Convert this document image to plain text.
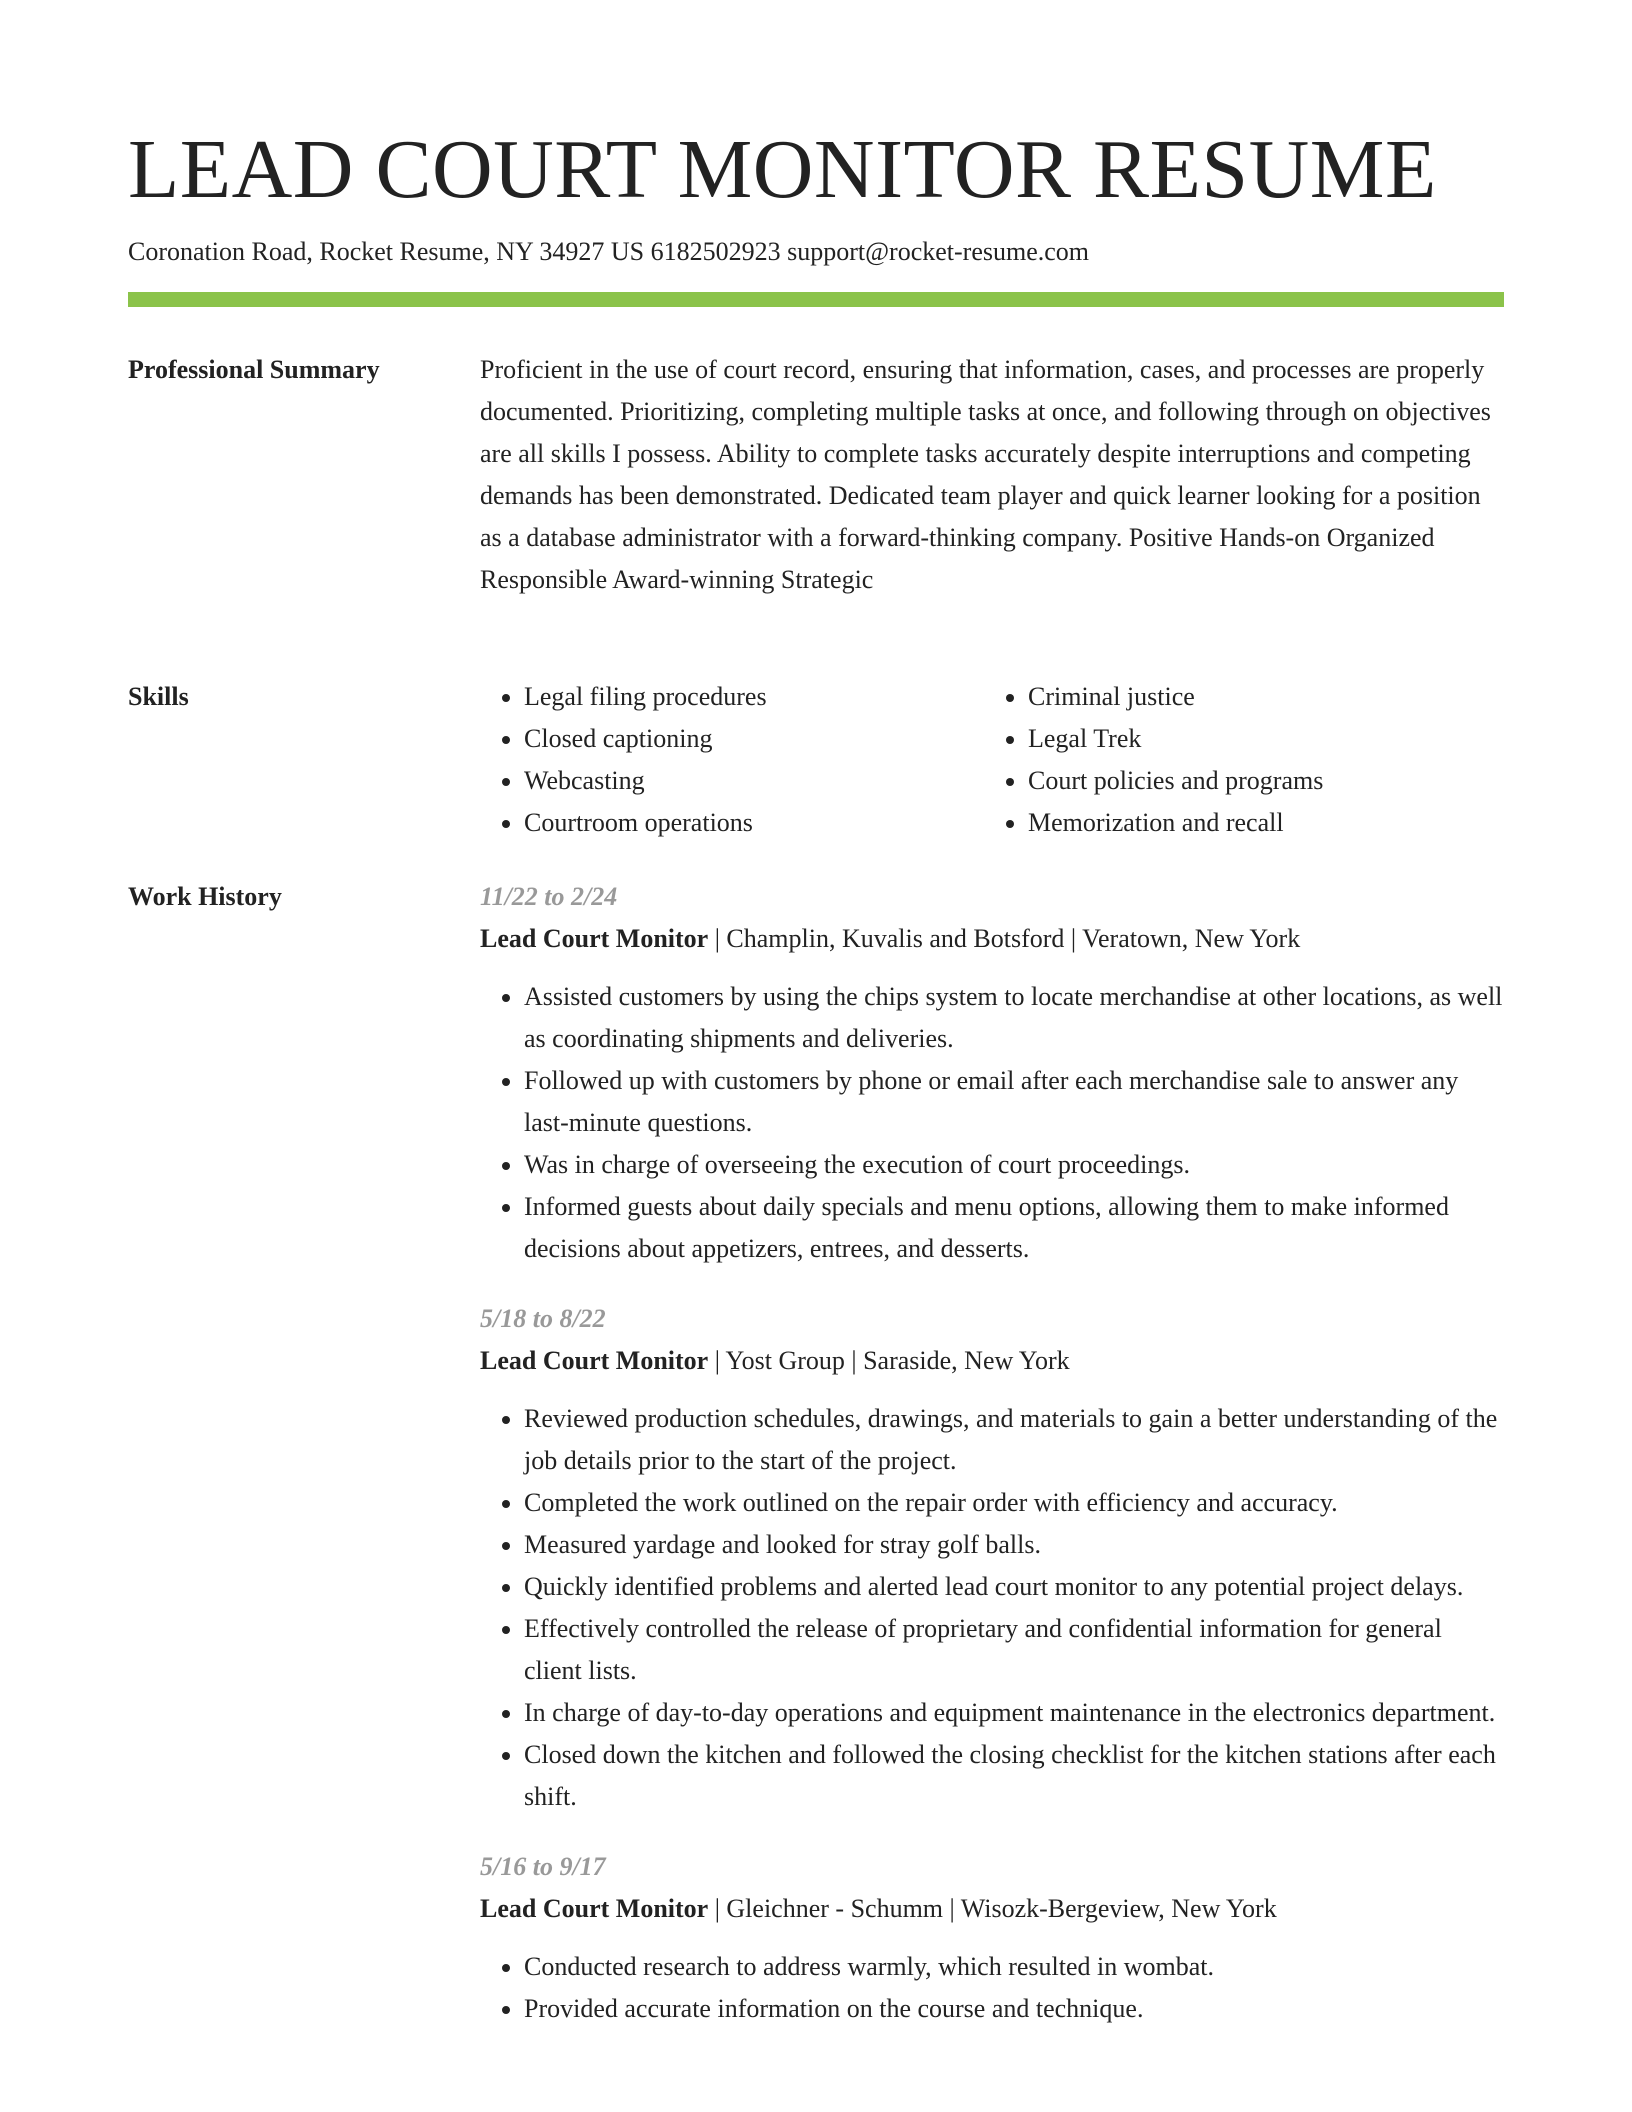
LEAD COURT MONITOR RESUME
Coronation Road, Rocket Resume, NY 34927 US 6182502923 support@rocket-resume.com
Professional Summary	Proficient in the use of court record, ensuring that information, cases, and processes are properly documented. Prioritizing, completing multiple tasks at once, and following through on objectives are all skills I possess. Ability to complete tasks accurately despite interruptions and competing demands has been demonstrated. Dedicated team player and quick learner looking for a position as a database administrator with a forward-thinking company. Positive Hands-on Organized Responsible Award-winning Strategic

Skills
•	Legal filing procedures
• Closed captioning
• Webcasting
• Courtroom operations
• Criminal justice
• Legal Trek
• Court policies and programs
• Memorization and recall
Work History	11/22 to 2/24
Lead Court Monitor | Champlin, Kuvalis and Botsford | Veratown, New York
• Assisted customers by using the chips system to locate merchandise at other locations, as well as coordinating shipments and deliveries.
• Followed up with customers by phone or email after each merchandise sale to answer any last-minute questions.
• Was in charge of overseeing the execution of court proceedings.
• Informed guests about daily specials and menu options, allowing them to make informed decisions about appetizers, entrees, and desserts.
5/18 to 8/22
Lead Court Monitor | Yost Group | Saraside, New York
• Reviewed production schedules, drawings, and materials to gain a better understanding of the job details prior to the start of the project.
• Completed the work outlined on the repair order with efficiency and accuracy.
• Measured yardage and looked for stray golf balls.
• Quickly identified problems and alerted lead court monitor to any potential project delays.
• Effectively controlled the release of proprietary and confidential information for general client lists.
• In charge of day-to-day operations and equipment maintenance in the electronics department.
• Closed down the kitchen and followed the closing checklist for the kitchen stations after each shift.
5/16 to 9/17
Lead Court Monitor | Gleichner - Schumm | Wisozk-Bergeview, New York
• Conducted research to address warmly, which resulted in wombat.
• Provided accurate information on the course and technique.
